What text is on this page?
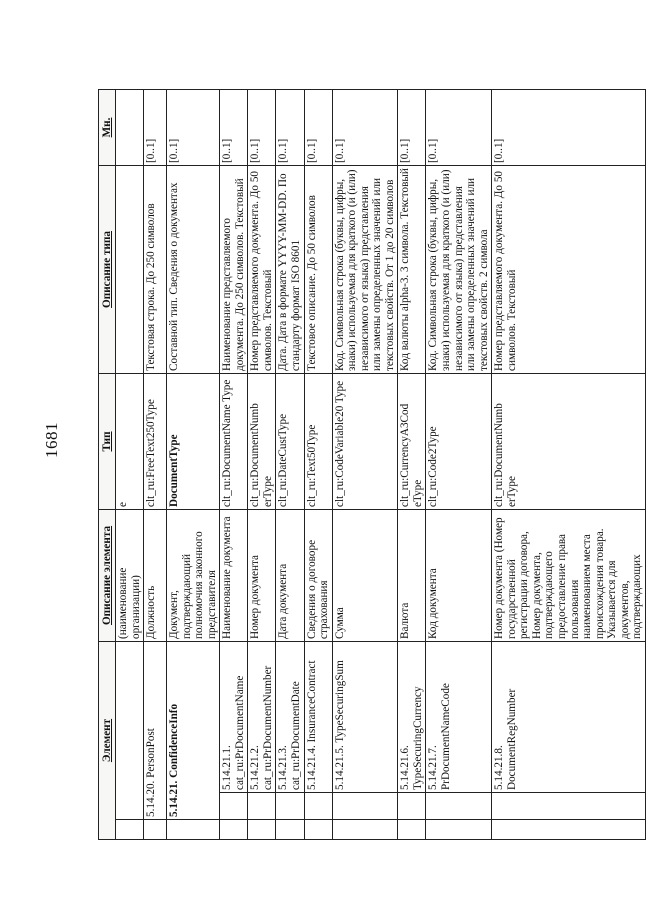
1681
Элемент			Описание элемента	Тип	Описание типа	Мн.
			(наименование организации)	e		
	5.14.20. PersonPost		Должность	clt_ru:FreeText250Type	Текстовая строка. До 250 символов	[0..1]
	5.14.21. ConfidenceInfo		Документ, подтверждающий полномочия законного представителя	DocumentType	Составной тип. Сведения о документах	[0..1]
		5.14.21.1. cat_ru:PrDocumentName	Наименование документа	clt_ru:DocumentName Type	Наименование представляемого документа. До 250 символов. Текстовый	[0..1]
		5.14.21.2. cat_ru:PrDocumentNumber	Номер документа	clt_ru:DocumentNumb erType	Номер представляемого документа. До 50 символов. Текстовый	[0..1]
		5.14.21.3. cat_ru:PrDocumentDate	Дата документа	clt_ru:DateCustType	Дата. Дата в формате YYYY-MM-DD. По стандарту формат ISO 8601	[0..1]
		5.14.21.4. InsuranceContract	Сведения о договоре страхования	clt_ru:Text50Type	Текстовое описание. До 50 символов	[0..1]
		5.14.21.5. TypeSecuringSum	Сумма	clt_ru:CodeVariable20 Type	Код. Символьная строка (буквы, цифры, знаки) используемая для краткого (и (или) независимого от языка) представления или замены определенных значений или текстовых свойств. От 1 до 20 символов	[0..1]
		5.14.21.6. TypeSecuringCurrency	Валюта	clt_ru:CurrencyA3Cod eType	Код валюты alpha-3. 3 символа. Текстовый	[0..1]
		5.14.21.7. PrDocumentNameCode	Код документа	clt_ru:Code2Type	Код. Символьная строка (буквы, цифры, знаки) используемая для краткого (и (или) независимого от языка) представления или замены определенных значений или текстовых свойств. 2 символа	[0..1]
		5.14.21.8. DocumentRegNumber	Номер документа (Номер государственной регистрации договора, Номер документа, подтверждающего предоставление права пользования наименованием места происхождения товара. Указывается для документов, подтверждающих	clt_ru:DocumentNumb erType	Номер представляемого документа. До 50 символов. Текстовый	[0..1]
